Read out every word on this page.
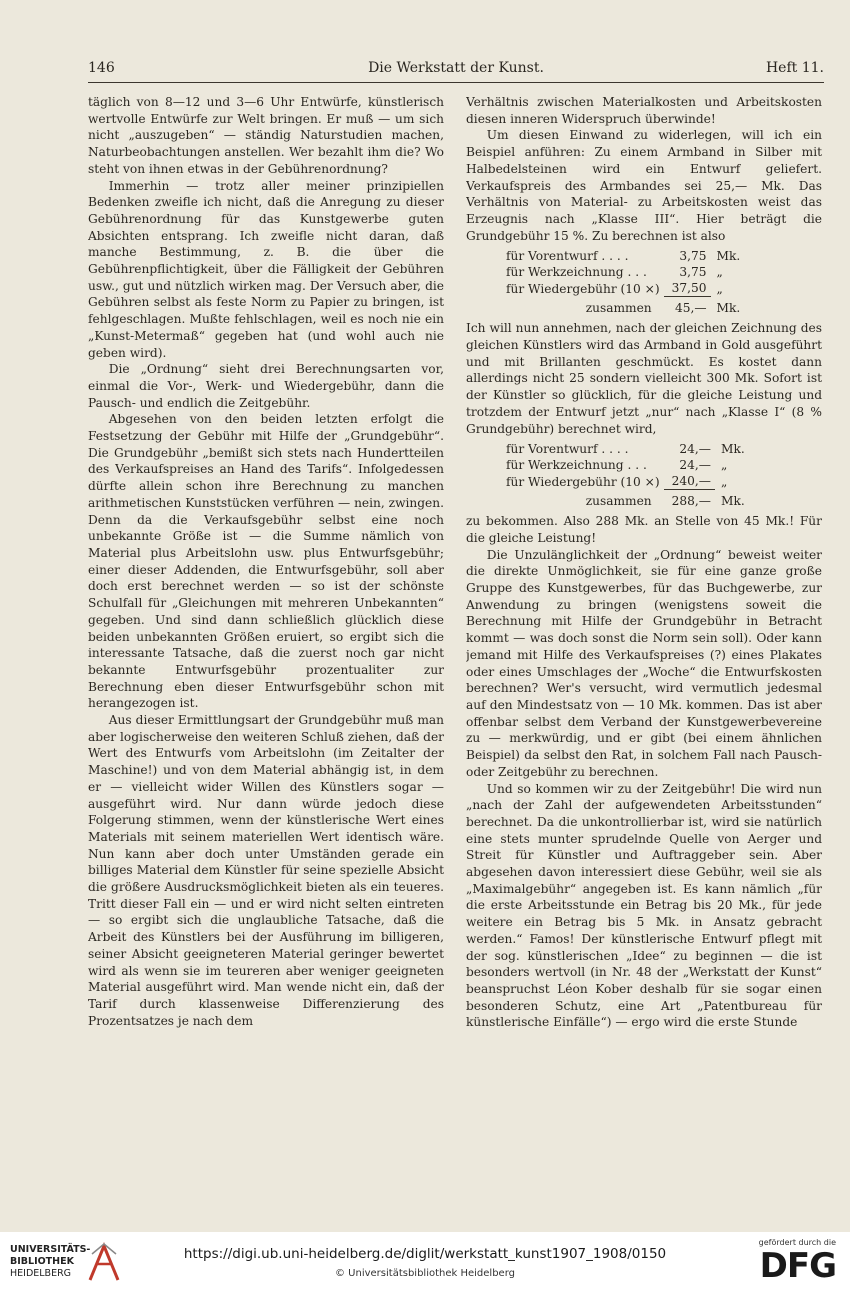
146	Die Werkstatt der Kunst.	Heft 11.

täglich von 8—12 und 3—6 Uhr Entwürfe, künstlerisch wertvolle Entwürfe zur Welt bringen. Er muß — um sich nicht „auszugeben“ — ständig Naturstudien machen, Naturbeobachtungen anstellen. Wer bezahlt ihm die? Wo steht von ihnen etwas in der Gebührenordnung?

Immerhin — trotz aller meiner prinzipiellen Bedenken zweifle ich nicht, daß die Anregung zu dieser Gebührenordnung für das Kunstgewerbe guten Absichten entsprang. Ich zweifle nicht daran, daß manche Bestimmung, z. B. die über die Gebührenpflichtigkeit, über die Fälligkeit der Gebühren usw., gut und nützlich wirken mag. Der Versuch aber, die Gebühren selbst als feste Norm zu Papier zu bringen, ist fehlgeschlagen. Mußte fehlschlagen, weil es noch nie ein „Kunst-Metermaß“ gegeben hat (und wohl auch nie geben wird).

Die „Ordnung“ sieht drei Berechnungsarten vor, einmal die Vor-, Werk- und Wiedergebühr, dann die Pausch- und endlich die Zeitgebühr.

Abgesehen von den beiden letzten erfolgt die Festsetzung der Gebühr mit Hilfe der „Grundgebühr“. Die Grundgebühr „bemißt sich stets nach Hundertteilen des Verkaufspreises an Hand des Tarifs“. Infolgedessen dürfte allein schon ihre Berechnung zu manchen arithmetischen Kunststücken verführen — nein, zwingen. Denn da die Verkaufsgebühr selbst eine noch unbekannte Größe ist — die Summe nämlich von Material plus Arbeitslohn usw. plus Entwurfsgebühr; einer dieser Addenden, die Entwurfsgebühr, soll aber doch erst berechnet werden — so ist der schönste Schulfall für „Gleichungen mit mehreren Unbekannten“ gegeben. Und sind dann schließlich glücklich diese beiden unbekannten Größen eruiert, so ergibt sich die interessante Tatsache, daß die zuerst noch gar nicht bekannte Entwurfsgebühr prozentualiter zur Berechnung eben dieser Entwurfsgebühr schon mit herangezogen ist.

Aus dieser Ermittlungsart der Grundgebühr muß man aber logischerweise den weiteren Schluß ziehen, daß der Wert des Entwurfs vom Arbeitslohn (im Zeitalter der Maschine!) und von dem Material abhängig ist, in dem er — vielleicht wider Willen des Künstlers sogar — ausgeführt wird. Nur dann würde jedoch diese Folgerung stimmen, wenn der künstlerische Wert eines Materials mit seinem materiellen Wert identisch wäre. Nun kann aber doch unter Umständen gerade ein billiges Material dem Künstler für seine spezielle Absicht die größere Ausdrucksmöglichkeit bieten als ein teueres. Tritt dieser Fall ein — und er wird nicht selten eintreten — so ergibt sich die unglaubliche Tatsache, daß die Arbeit des Künstlers bei der Ausführung im billigeren, seiner Absicht geeigneteren Material geringer bewertet wird als wenn sie im teureren aber weniger geeigneten Material ausgeführt wird. Man wende nicht ein, daß der Tarif durch klassenweise Differenzierung des Prozentsatzes je nach dem

Verhältnis zwischen Materialkosten und Arbeitskosten diesen inneren Widerspruch überwinde!

Um diesen Einwand zu widerlegen, will ich ein Beispiel anführen: Zu einem Armband in Silber mit Halbedelsteinen wird ein Entwurf geliefert. Verkaufspreis des Armbandes sei 25,— Mk. Das Verhältnis von Material- zu Arbeitskosten weist das Erzeugnis nach „Klasse III“. Hier beträgt die Grundgebühr 15 %. Zu berechnen ist also

für Vorentwurf . . . .	3,75	Mk.
für Werkzeichnung . . .	3,75	„
für Wiedergebühr (10 ×)	37,50	„
zusammen	45,—	Mk.

Ich will nun annehmen, nach der gleichen Zeichnung des gleichen Künstlers wird das Armband in Gold ausgeführt und mit Brillanten geschmückt. Es kostet dann allerdings nicht 25 sondern vielleicht 300 Mk. Sofort ist der Künstler so glücklich, für die gleiche Leistung und trotzdem der Entwurf jetzt „nur“ nach „Klasse I“ (8 % Grundgebühr) berechnet wird,

für Vorentwurf . . . .	24,—	Mk.
für Werkzeichnung . . .	24,—	„
für Wiedergebühr (10 ×)	240,—	„
zusammen	288,—	Mk.

zu bekommen. Also 288 Mk. an Stelle von 45 Mk.! Für die gleiche Leistung!

Die Unzulänglichkeit der „Ordnung“ beweist weiter die direkte Unmöglichkeit, sie für eine ganze große Gruppe des Kunstgewerbes, für das Buchgewerbe, zur Anwendung zu bringen (wenigstens soweit die Berechnung mit Hilfe der Grundgebühr in Betracht kommt — was doch sonst die Norm sein soll). Oder kann jemand mit Hilfe des Verkaufspreises (?) eines Plakates oder eines Umschlages der „Woche“ die Entwurfskosten berechnen? Wer's versucht, wird vermutlich jedesmal auf den Mindestsatz von — 10 Mk. kommen. Das ist aber offenbar selbst dem Verband der Kunstgewerbevereine zu — merkwürdig, und er gibt (bei einem ähnlichen Beispiel) da selbst den Rat, in solchem Fall nach Pausch- oder Zeitgebühr zu berechnen.

Und so kommen wir zu der Zeitgebühr! Die wird nun „nach der Zahl der aufgewendeten Arbeitsstunden“ berechnet. Da die unkontrollierbar ist, wird sie natürlich eine stets munter sprudelnde Quelle von Aerger und Streit für Künstler und Auftraggeber sein. Aber abgesehen davon interessiert diese Gebühr, weil sie als „Maximalgebühr“ angegeben ist. Es kann nämlich „für die erste Arbeitsstunde ein Betrag bis 20 Mk., für jede weitere ein Betrag bis 5 Mk. in Ansatz gebracht werden.“ Famos! Der künstlerische Entwurf pflegt mit der sog. künstlerischen „Idee“ zu beginnen — die ist besonders wertvoll (in Nr. 48 der „Werkstatt der Kunst“ beanspruchst Léon Kober deshalb für sie sogar einen besonderen Schutz, eine Art „Patentbureau für künstlerische Einfälle“) — ergo wird die erste Stunde

UNIVERSITÄTS-
BIBLIOTHEK
HEIDELBERG
https://digi.ub.uni-heidelberg.de/diglit/werkstatt_kunst1907_1908/0150
© Universitätsbibliothek Heidelberg
gefördert durch die
DFG
